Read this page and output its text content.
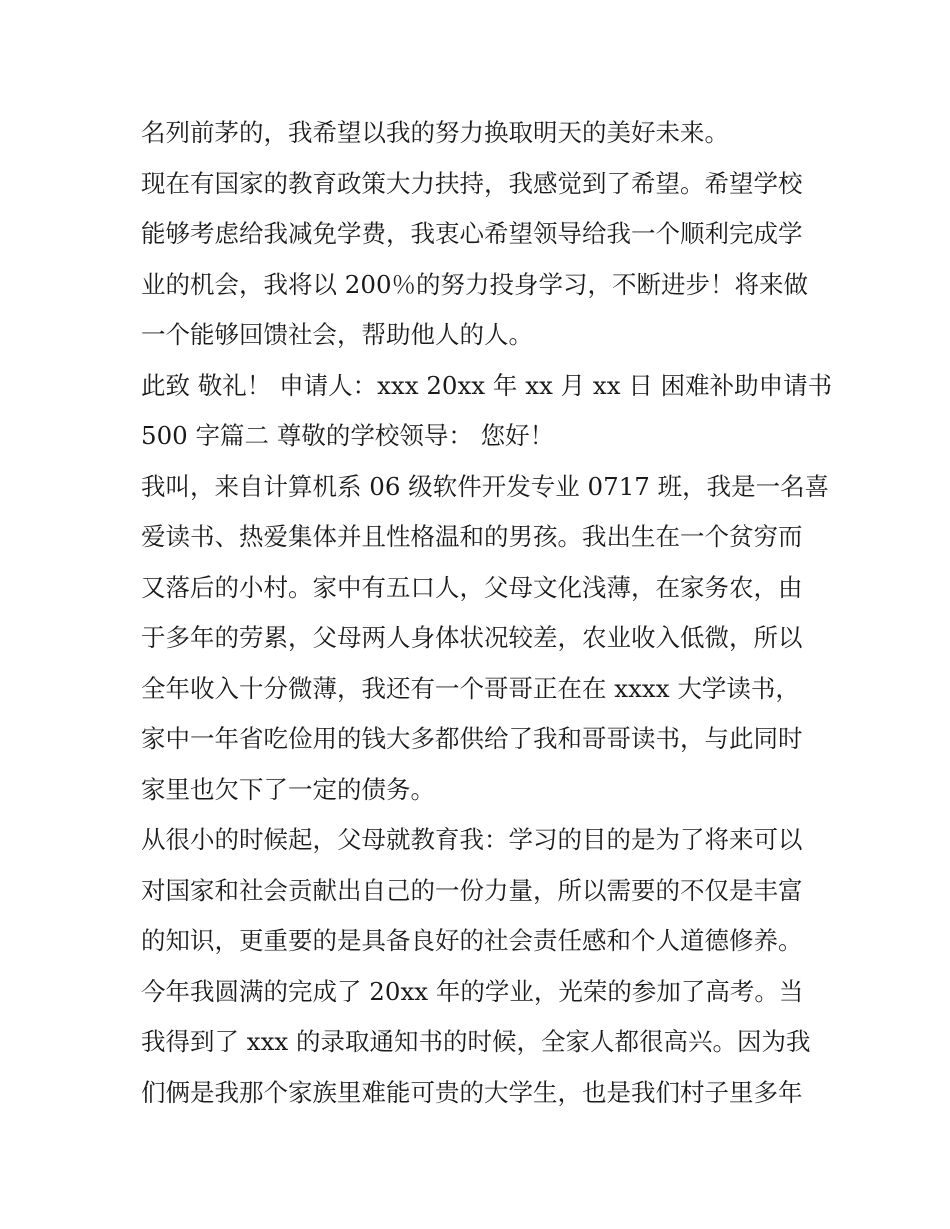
名列前茅的，我希望以我的努力换取明天的美好未来。
现在有国家的教育政策大力扶持，我感觉到了希望。希望学校
能够考虑给我减免学费，我衷心希望领导给我一个顺利完成学
业的机会，我将以 200％的努力投身学习，不断进步！将来做
一个能够回馈社会，帮助他人的人。
此致 敬礼！ 申请人：xxx 20xx 年 xx 月 xx 日 困难补助申请书
500 字篇二 尊敬的学校领导： 您好！
我叫，来自计算机系 06 级软件开发专业 0717 班，我是一名喜
爱读书、热爱集体并且性格温和的男孩。我出生在一个贫穷而
又落后的小村。家中有五口人，父母文化浅薄，在家务农，由
于多年的劳累，父母两人身体状况较差，农业收入低微，所以
全年收入十分微薄，我还有一个哥哥正在在 xxxx 大学读书，
家中一年省吃俭用的钱大多都供给了我和哥哥读书，与此同时
家里也欠下了一定的债务。
从很小的时候起，父母就教育我：学习的目的是为了将来可以
对国家和社会贡献出自己的一份力量，所以需要的不仅是丰富
的知识，更重要的是具备良好的社会责任感和个人道德修养。
今年我圆满的完成了 20xx 年的学业，光荣的参加了高考。当
我得到了 xxx 的录取通知书的时候，全家人都很高兴。因为我
们俩是我那个家族里难能可贵的大学生，也是我们村子里多年
